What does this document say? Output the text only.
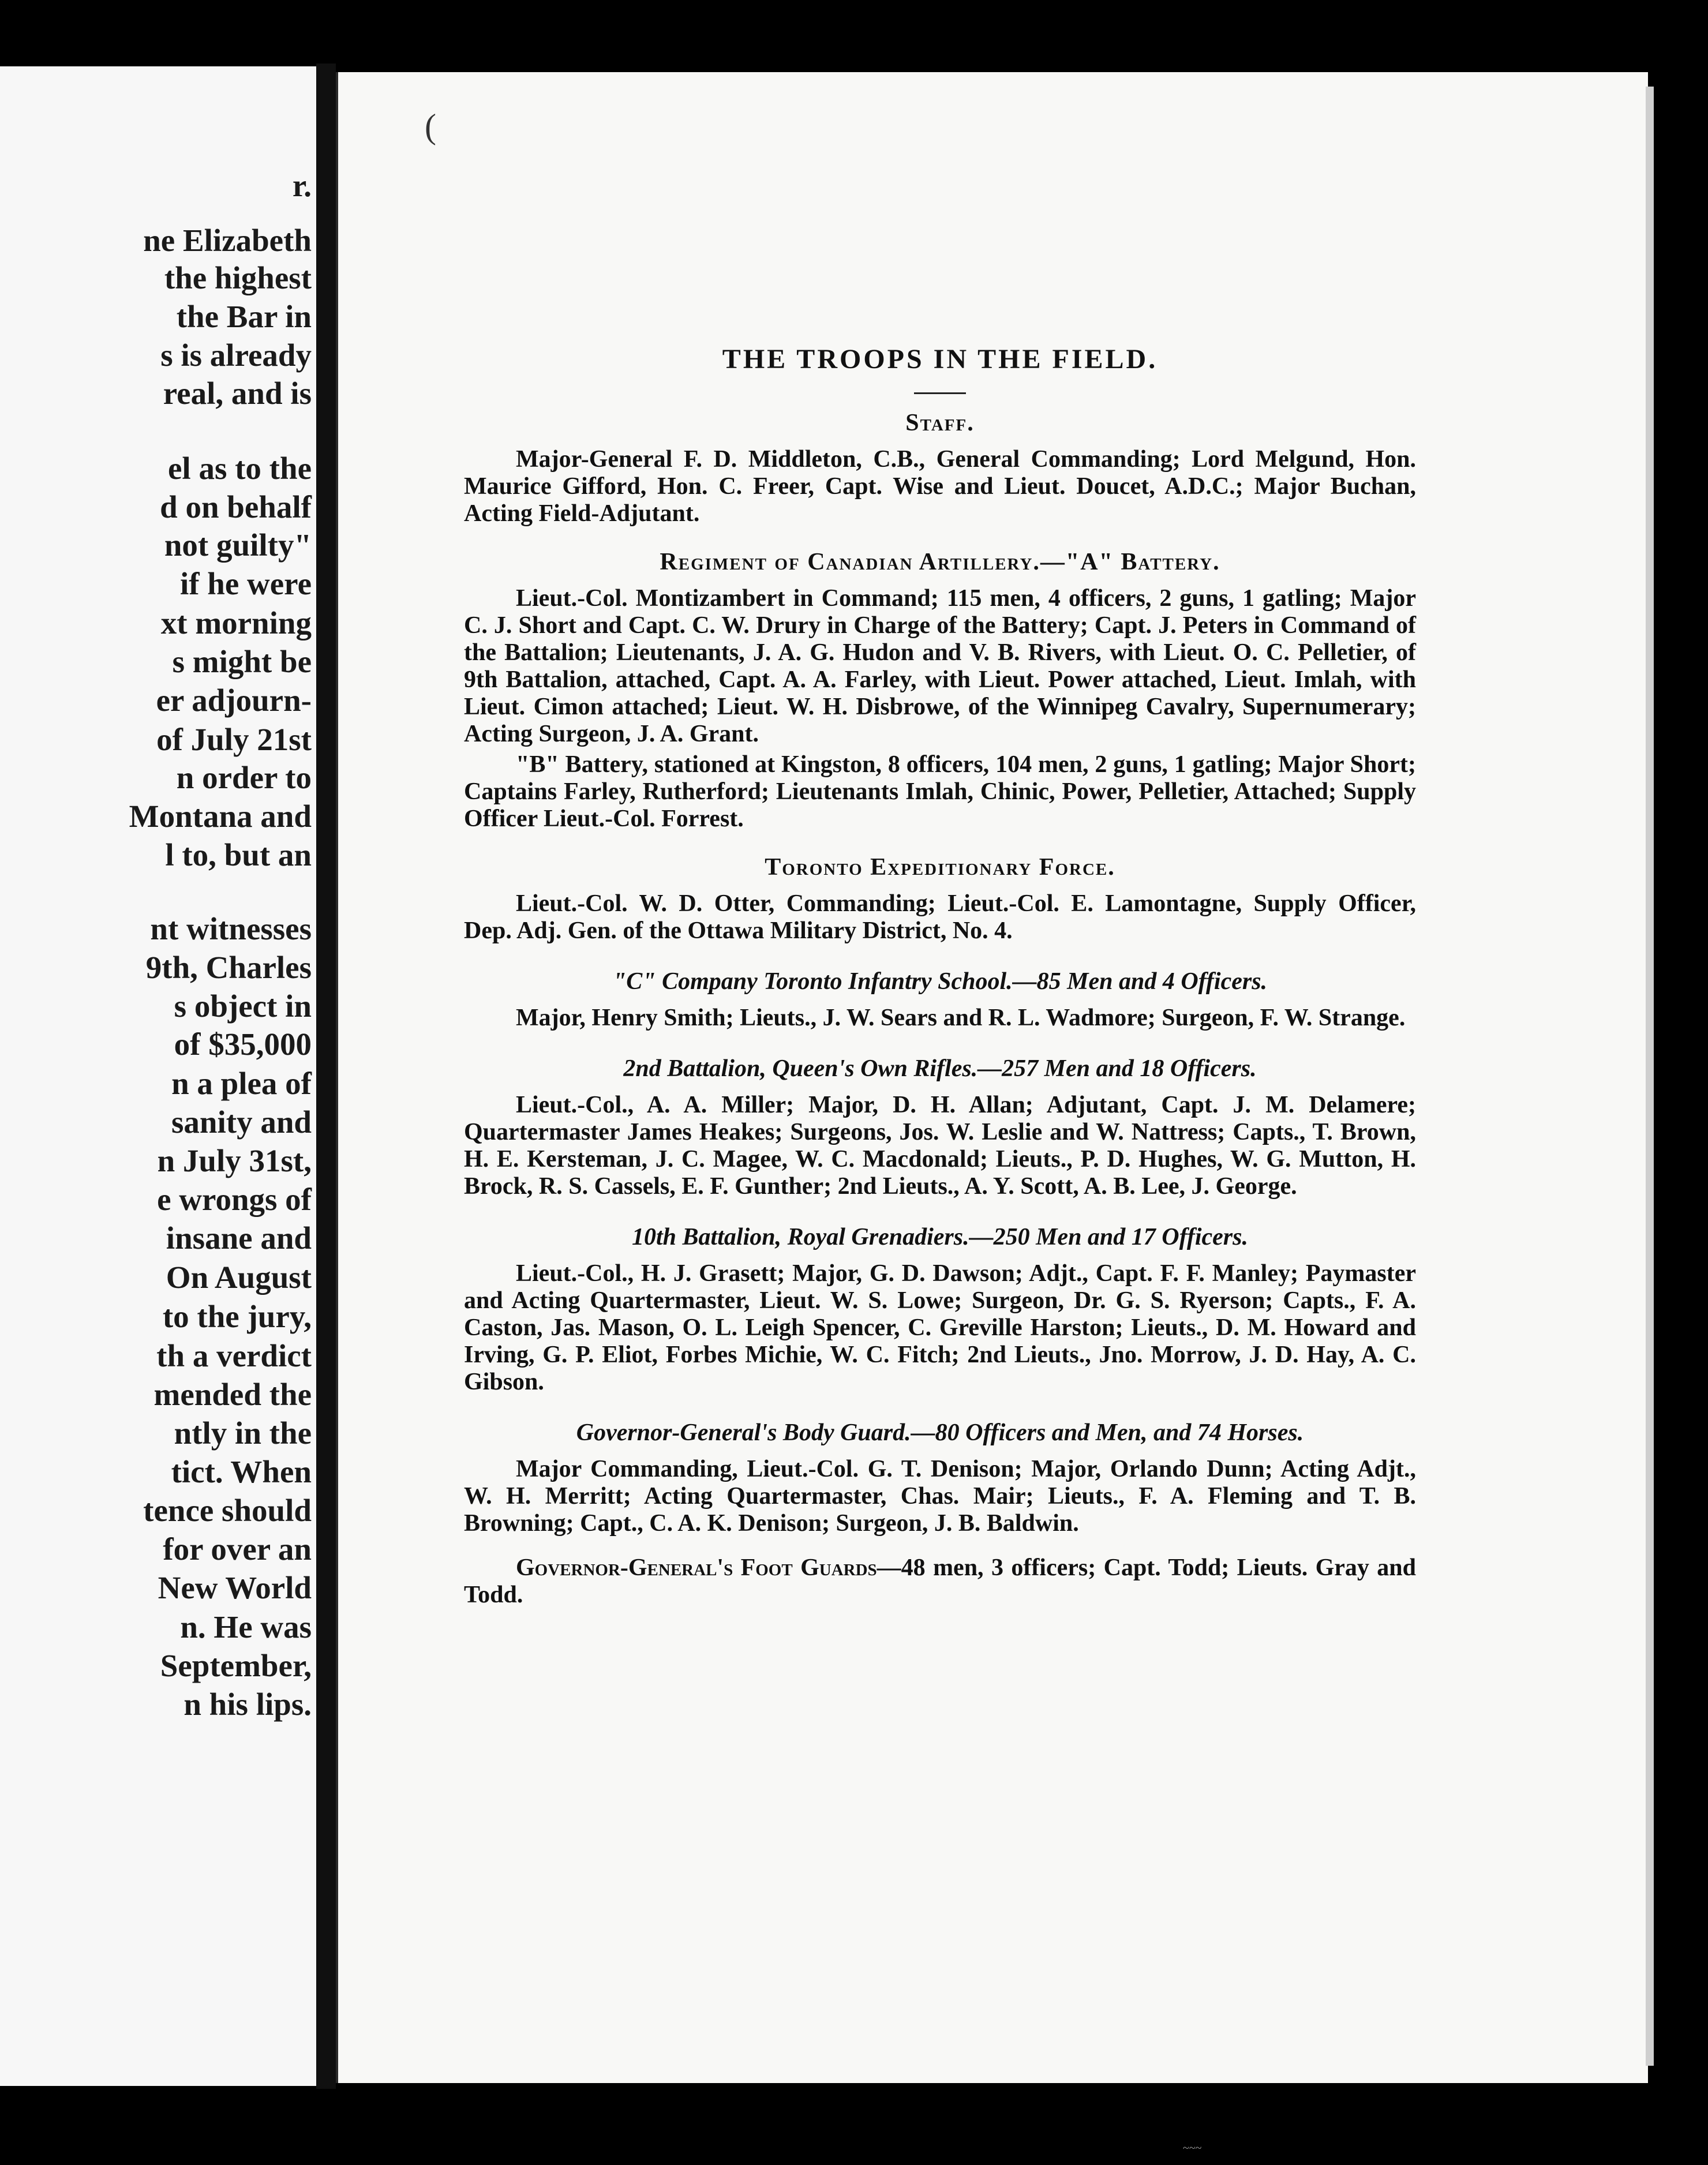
r.
ne Elizabeth
the highest
the Bar in
s is already
real, and is
el as to the
d on behalf
not guilty"
if he were
xt morning
s might be
er adjourn-
of July 21st
n order to
Montana and
l to, but an
nt witnesses
9th, Charles
s object in
of $35,000
n a plea of
sanity and
n July 31st,
e wrongs of
insane and
On August
to the jury,
th a verdict
mended the
ntly in the
tict. When
tence should
for over an
New World
n. He was
September,
n his lips.
(
THE TROOPS IN THE FIELD.
Staff.

Major-General F. D. Middleton, C.B., General Commanding; Lord Melgund, Hon. Maurice Gifford, Hon. C. Freer, Capt. Wise and Lieut. Doucet, A.D.C.; Major Buchan, Acting Field-Adjutant.

Regiment of Canadian Artillery.—"A" Battery.

Lieut.-Col. Montizambert in Command; 115 men, 4 officers, 2 guns, 1 gatling; Major C. J. Short and Capt. C. W. Drury in Charge of the Battery; Capt. J. Peters in Command of the Battalion; Lieutenants, J. A. G. Hudon and V. B. Rivers, with Lieut. O. C. Pelletier, of 9th Battalion, attached, Capt. A. A. Farley, with Lieut. Power attached, Lieut. Imlah, with Lieut. Cimon attached; Lieut. W. H. Disbrowe, of the Winnipeg Cavalry, Supernumerary; Acting Surgeon, J. A. Grant.

"B" Battery, stationed at Kingston, 8 officers, 104 men, 2 guns, 1 gatling; Major Short; Captains Farley, Rutherford; Lieutenants Imlah, Chinic, Power, Pelletier, Attached; Supply Officer Lieut.-Col. Forrest.

Toronto Expeditionary Force.

Lieut.-Col. W. D. Otter, Commanding; Lieut.-Col. E. Lamontagne, Supply Officer, Dep. Adj. Gen. of the Ottawa Military District, No. 4.

"C" Company Toronto Infantry School.—85 Men and 4 Officers.

Major, Henry Smith; Lieuts., J. W. Sears and R. L. Wadmore; Surgeon, F. W. Strange.

2nd Battalion, Queen's Own Rifles.—257 Men and 18 Officers.

Lieut.-Col., A. A. Miller; Major, D. H. Allan; Adjutant, Capt. J. M. Delamere; Quartermaster James Heakes; Surgeons, Jos. W. Leslie and W. Nattress; Capts., T. Brown, H. E. Kersteman, J. C. Magee, W. C. Macdonald; Lieuts., P. D. Hughes, W. G. Mutton, H. Brock, R. S. Cassels, E. F. Gunther; 2nd Lieuts., A. Y. Scott, A. B. Lee, J. George.

10th Battalion, Royal Grenadiers.—250 Men and 17 Officers.

Lieut.-Col., H. J. Grasett; Major, G. D. Dawson; Adjt., Capt. F. F. Manley; Paymaster and Acting Quartermaster, Lieut. W. S. Lowe; Surgeon, Dr. G. S. Ryerson; Capts., F. A. Caston, Jas. Mason, O. L. Leigh Spencer, C. Greville Harston; Lieuts., D. M. Howard and Irving, G. P. Eliot, Forbes Michie, W. C. Fitch; 2nd Lieuts., Jno. Morrow, J. D. Hay, A. C. Gibson.

Governor-General's Body Guard.—80 Officers and Men, and 74 Horses.

Major Commanding, Lieut.-Col. G. T. Denison; Major, Orlando Dunn; Acting Adjt., W. H. Merritt; Acting Quartermaster, Chas. Mair; Lieuts., F. A. Fleming and T. B. Browning; Capt., C. A. K. Denison; Surgeon, J. B. Baldwin.

Governor-General's Foot Guards—48 men, 3 officers; Capt. Todd; Lieuts. Gray and Todd.

~~~
